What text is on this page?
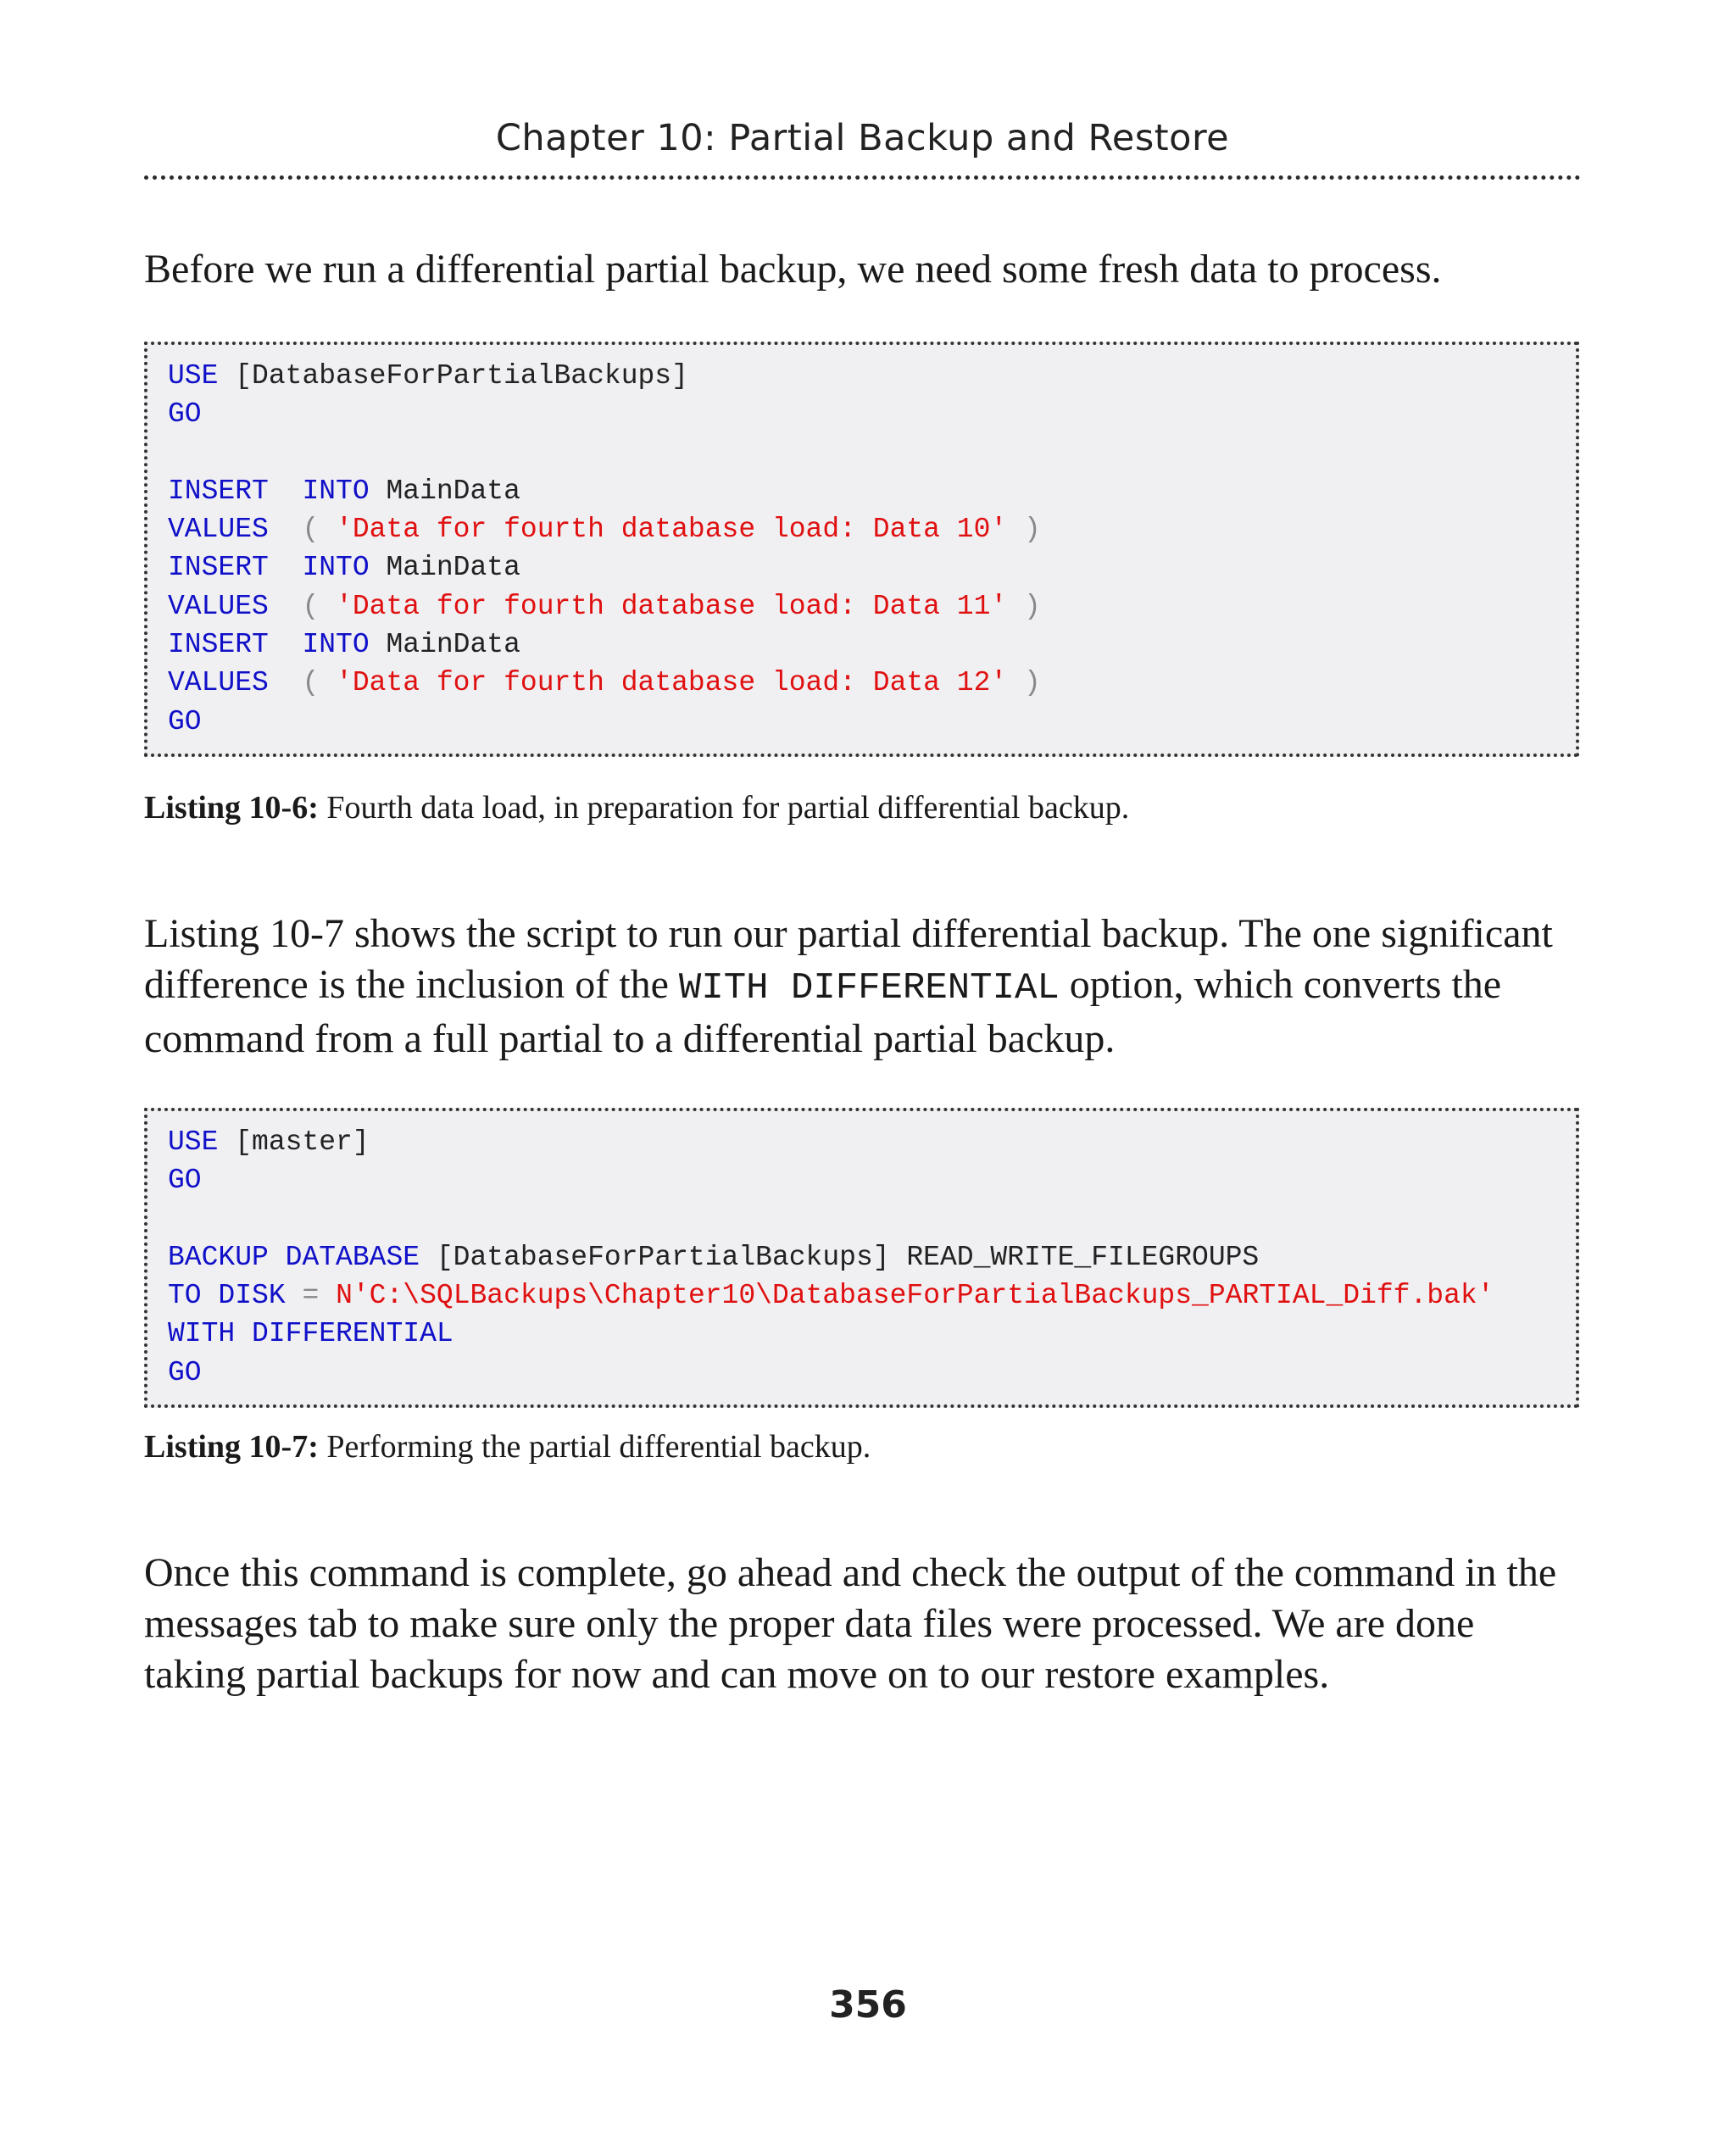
Chapter 10: Partial Backup and Restore

Before we run a differential partial backup, we need some fresh data to process.

USE [DatabaseForPartialBackups]
GO

INSERT INTO MainData
VALUES ( 'Data for fourth database load: Data 10' )
INSERT INTO MainData
VALUES ( 'Data for fourth database load: Data 11' )
INSERT INTO MainData
VALUES ( 'Data for fourth database load: Data 12' )
GO
Listing 10-6: Fourth data load, in preparation for partial differential backup.

Listing 10-7 shows the script to run our partial differential backup. The one significant difference is the inclusion of the WITH DIFFERENTIAL option, which converts the command from a full partial to a differential partial backup.

USE [master]
GO

BACKUP DATABASE [DatabaseForPartialBackups] READ_WRITE_FILEGROUPS
TO DISK = N'C:\SQLBackups\Chapter10\DatabaseForPartialBackups_PARTIAL_Diff.bak'
WITH DIFFERENTIAL
GO
Listing 10-7: Performing the partial differential backup.

Once this command is complete, go ahead and check the output of the command in the messages tab to make sure only the proper data files were processed. We are done taking partial backups for now and can move on to our restore examples.

356
